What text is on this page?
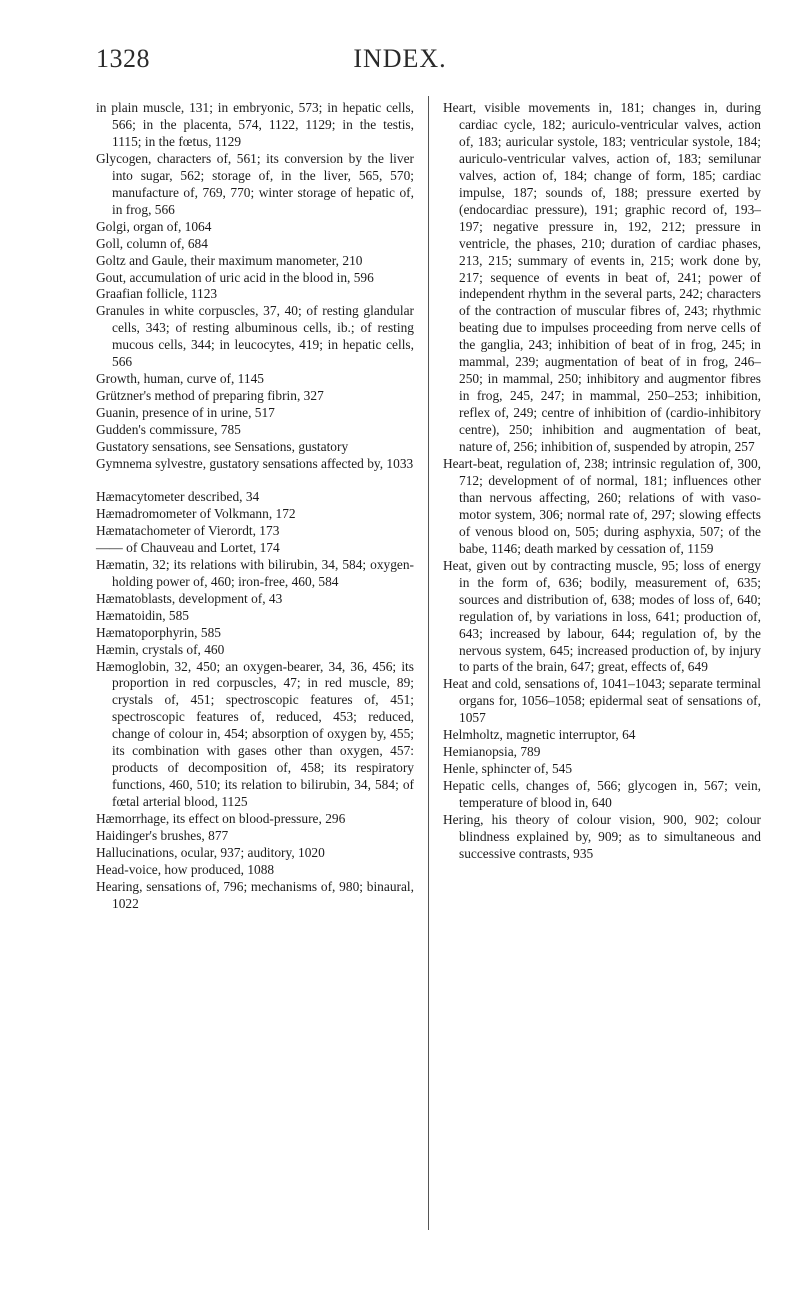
1328	INDEX.
in plain muscle, 131; in embryonic, 573; in hepatic cells, 566; in the placenta, 574, 1122, 1129; in the testis, 1115; in the fœtus, 1129
Glycogen, characters of, 561; its conversion by the liver into sugar, 562; storage of, in the liver, 565, 570; manufacture of, 769, 770; winter storage of hepatic of, in frog, 566
Golgi, organ of, 1064
Goll, column of, 684
Goltz and Gaule, their maximum manometer, 210
Gout, accumulation of uric acid in the blood in, 596
Graafian follicle, 1123
Granules in white corpuscles, 37, 40; of resting glandular cells, 343; of resting albuminous cells, ib.; of resting mucous cells, 344; in leucocytes, 419; in hepatic cells, 566
Growth, human, curve of, 1145
Grützner's method of preparing fibrin, 327
Guanin, presence of in urine, 517
Gudden's commissure, 785
Gustatory sensations, see Sensations, gustatory
Gymnema sylvestre, gustatory sensations affected by, 1033
Hæmacytometer described, 34
Hæmadromometer of Volkmann, 172
Hæmatachometer of Vierordt, 173
—— of Chauveau and Lortet, 174
Hæmatin, 32; its relations with bilirubin, 34, 584; oxygen-holding power of, 460; iron-free, 460, 584
Hæmatoblasts, development of, 43
Hæmatoidin, 585
Hæmatoporphyrin, 585
Hæmin, crystals of, 460
Hæmoglobin, 32, 450; an oxygen-bearer, 34, 36, 456; its proportion in red corpuscles, 47; in red muscle, 89; crystals of, 451; spectroscopic features of, 451; spectroscopic features of, reduced, 453; reduced, change of colour in, 454; absorption of oxygen by, 455; its combination with gases other than oxygen, 457: products of decomposition of, 458; its respiratory functions, 460, 510; its relation to bilirubin, 34, 584; of fœtal arterial blood, 1125
Hæmorrhage, its effect on blood-pressure, 296
Haidinger's brushes, 877
Hallucinations, ocular, 937; auditory, 1020
Head-voice, how produced, 1088
Hearing, sensations of, 796; mechanisms of, 980; binaural, 1022
Heart, visible movements in, 181; changes in, during cardiac cycle, 182; auriculo-ventricular valves, action of, 183; auricular systole, 183; ventricular systole, 184; auriculo-ventricular valves, action of, 183; semilunar valves, action of, 184; change of form, 185; cardiac impulse, 187; sounds of, 188; pressure exerted by (endocardiac pressure), 191; graphic record of, 193–197; negative pressure in, 192, 212; pressure in ventricle, the phases, 210; duration of cardiac phases, 213, 215; summary of events in, 215; work done by, 217; sequence of events in beat of, 241; power of independent rhythm in the several parts, 242; characters of the contraction of muscular fibres of, 243; rhythmic beating due to impulses proceeding from nerve cells of the ganglia, 243; inhibition of beat of in frog, 245; in mammal, 239; augmentation of beat of in frog, 246–250; in mammal, 250; inhibitory and augmentor fibres in frog, 245, 247; in mammal, 250–253; inhibition, reflex of, 249; centre of inhibition of (cardio-inhibitory centre), 250; inhibition and augmentation of beat, nature of, 256; inhibition of, suspended by atropin, 257
Heart-beat, regulation of, 238; intrinsic regulation of, 300, 712; development of of normal, 181; influences other than nervous affecting, 260; relations of with vaso-motor system, 306; normal rate of, 297; slowing effects of venous blood on, 505; during asphyxia, 507; of the babe, 1146; death marked by cessation of, 1159
Heat, given out by contracting muscle, 95; loss of energy in the form of, 636; bodily, measurement of, 635; sources and distribution of, 638; modes of loss of, 640; regulation of, by variations in loss, 641; production of, 643; increased by labour, 644; regulation of, by the nervous system, 645; increased production of, by injury to parts of the brain, 647; great, effects of, 649
Heat and cold, sensations of, 1041–1043; separate terminal organs for, 1056–1058; epidermal seat of sensations of, 1057
Helmholtz, magnetic interruptor, 64
Hemianopsia, 789
Henle, sphincter of, 545
Hepatic cells, changes of, 566; glycogen in, 567; vein, temperature of blood in, 640
Hering, his theory of colour vision, 900, 902; colour blindness explained by, 909; as to simultaneous and successive contrasts, 935
